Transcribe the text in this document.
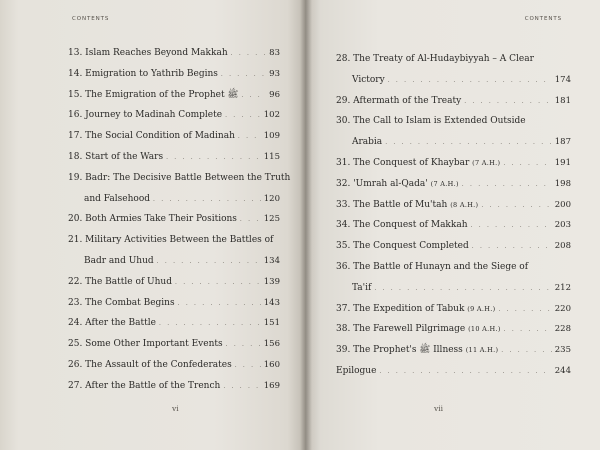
CONTENTS
13. Islam Reaches Beyond Makkah . . .	83
14. Emigration to Yathrib Begins . . .	93
15. The Emigration of the Prophet ﷺ . . .	96
16. Journey to Madinah Complete . . .	102
17. The Social Condition of Madinah . . .	109
18. Start of the Wars . . .	115
19. Badr: The Decisive Battle Between the Truth
and Falsehood . . .	120
20. Both Armies Take Their Positions . . .	125
21. Military Activities Between the Battles of
Badr and Uhud . . .	134
22. The Battle of Uhud . . .	139
23. The Combat Begins . . .	143
24. After the Battle . . .	151
25. Some Other Important Events . . .	156
26. The Assault of the Confederates . . .	160
27. After the Battle of the Trench . . .	169
vi
CONTENTS
28. The Treaty of Al-Hudaybiyyah – A Clear
Victory . . .	174
29. Aftermath of the Treaty . . .	181
30. The Call to Islam is Extended Outside
Arabia . . .	187
31. The Conquest of Khaybar
(7 A.H.) . . .	191
32. 'Umrah al-Qada'
(7 A.H.) . . .	198
33. The Battle of Mu'tah
(8 A.H.) . . .	200
34. The Conquest of Makkah . . .	203
35. The Conquest Completed . . .	208
36. The Battle of Hunayn and the Siege of
Ta'if . . .	212
37. The Expedition of Tabuk
(9 A.H.) . . .	220
38. The Farewell Pilgrimage
(10 A.H.) . . .	228
39. The Prophet's ﷺ Illness
(11 A.H.) . . .	235
Epilogue . . .	244
vii
